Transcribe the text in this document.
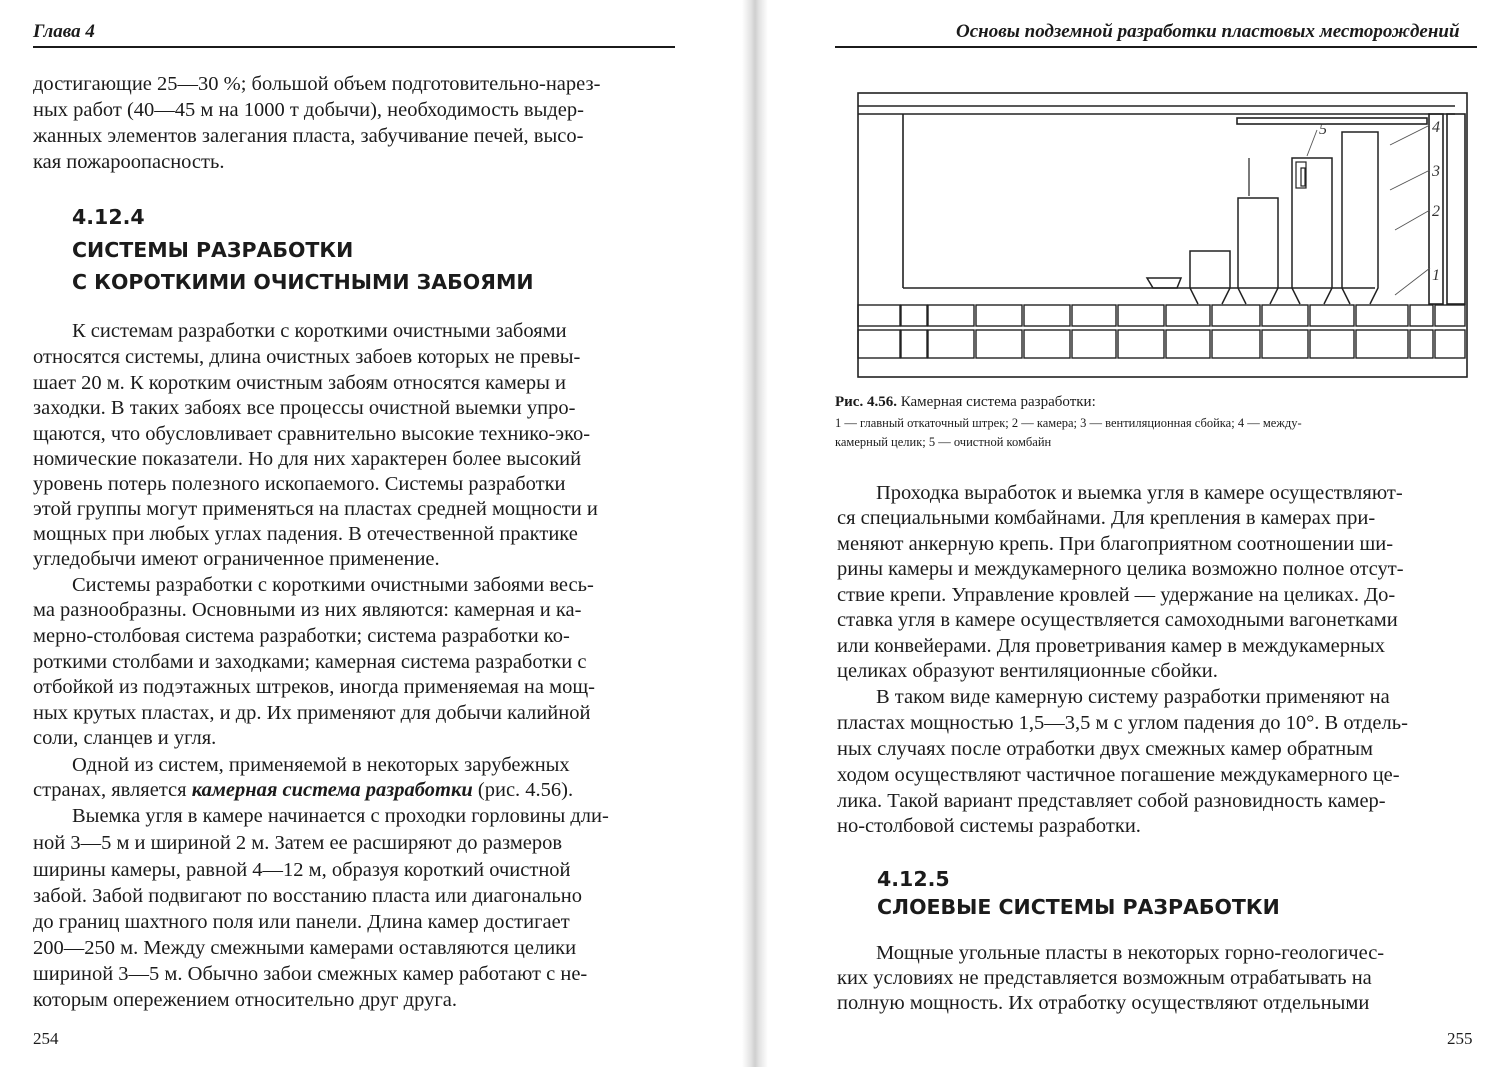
Глава 4
достигающие 25—30 %; большой объем подготовительно-нарез-
ных работ (40—45 м на 1000 т добычи), необходимость выдер-
жанных элементов залегания пласта, забучивание печей, высо-
кая пожароопасность.
4.12.4
СИСТЕМЫ РАЗРАБОТКИ
С КОРОТКИМИ ОЧИСТНЫМИ ЗАБОЯМИ
К системам разработки с короткими очистными забоями
относятся системы, длина очистных забоев которых не превы-
шает 20 м. К коротким очистным забоям относятся камеры и
заходки. В таких забоях все процессы очистной выемки упро-
щаются, что обусловливает сравнительно высокие технико-эко-
номические показатели. Но для них характерен более высокий
уровень потерь полезного ископаемого. Системы разработки
этой группы могут применяться на пластах средней мощности и
мощных при любых углах падения. В отечественной практике
угледобычи имеют ограниченное применение.
Системы разработки с короткими очистными забоями весь-
ма разнообразны. Основными из них являются: камерная и ка-
мерно-столбовая система разработки; система разработки ко-
роткими столбами и заходками; камерная система разработки с
отбойкой из подэтажных штреков, иногда применяемая на мощ-
ных крутых пластах, и др. Их применяют для добычи калийной
соли, сланцев и угля.
Одной из систем, применяемой в некоторых зарубежных
странах, является камерная система разработки (рис. 4.56).
Выемка угля в камере начинается с проходки горловины дли-
ной 3—5 м и шириной 2 м. Затем ее расширяют до размеров
ширины камеры, равной 4—12 м, образуя короткий очистной
забой. Забой подвигают по восстанию пласта или диагонально
до границ шахтного поля или панели. Длина камер достигает
200—250 м. Между смежными камерами оставляются целики
шириной 3—5 м. Обычно забои смежных камер работают с не-
которым опережением относительно друг друга.
254
Основы подземной разработки пластовых месторождений
1
2
3
4
5
Рис. 4.56. Камерная система разработки:
1 — главный откаточный штрек; 2 — камера; 3 — вентиляционная сбойка; 4 — между-
камерный целик; 5 — очистной комбайн
Проходка выработок и выемка угля в камере осуществляют-
ся специальными комбайнами. Для крепления в камерах при-
меняют анкерную крепь. При благоприятном соотношении ши-
рины камеры и междукамерного целика возможно полное отсут-
ствие крепи. Управление кровлей — удержание на целиках. До-
ставка угля в камере осуществляется самоходными вагонетками
или конвейерами. Для проветривания камер в междукамерных
целиках образуют вентиляционные сбойки.
В таком виде камерную систему разработки применяют на
пластах мощностью 1,5—3,5 м с углом падения до 10°. В отдель-
ных случаях после отработки двух смежных камер обратным
ходом осуществляют частичное погашение междукамерного це-
лика. Такой вариант представляет собой разновидность камер-
но-столбовой системы разработки.
4.12.5
СЛОЕВЫЕ СИСТЕМЫ РАЗРАБОТКИ
Мощные угольные пласты в некоторых горно-геологичес-
ких условиях не представляется возможным отрабатывать на
полную мощность. Их отработку осуществляют отдельными
255
